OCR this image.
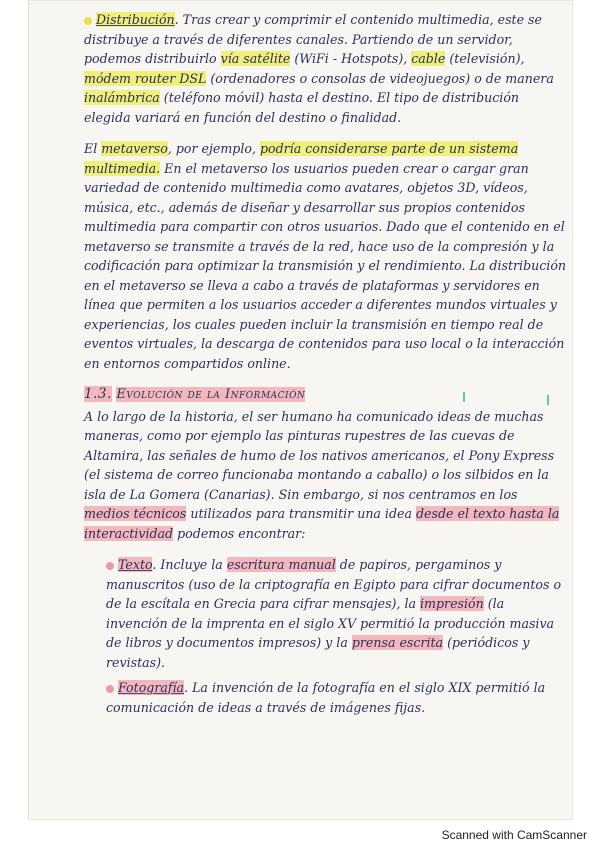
Distribución. Tras crear y comprimir el contenido multimedia, este se distribuye a través de diferentes canales. Partiendo de un servidor, podemos distribuirlo vía satélite (WiFi - Hotspots), cable (televisión), módem router DSL (ordenadores o consolas de videojuegos) o de manera inalámbrica (teléfono móvil) hasta el destino. El tipo de distribución elegida variará en función del destino o finalidad.

El metaverso, por ejemplo, podría considerarse parte de un sistema multimedia. En el metaverso los usuarios pueden crear o cargar gran variedad de contenido multimedia como avatares, objetos 3D, vídeos, música, etc., además de diseñar y desarrollar sus propios contenidos multimedia para compartir con otros usuarios. Dado que el contenido en el metaverso se transmite a través de la red, hace uso de la compresión y la codificación para optimizar la transmisión y el rendimiento. La distribución en el metaverso se lleva a cabo a través de plataformas y servidores en línea que permiten a los usuarios acceder a diferentes mundos virtuales y experiencias, los cuales pueden incluir la transmisión en tiempo real de eventos virtuales, la descarga de contenidos para uso local o la interacción en entornos compartidos online.

1.3. Evolución de la Información

A lo largo de la historia, el ser humano ha comunicado ideas de muchas maneras, como por ejemplo las pinturas rupestres de las cuevas de Altamira, las señales de humo de los nativos americanos, el Pony Express (el sistema de correo funcionaba montando a caballo) o los silbidos en la isla de La Gomera (Canarias). Sin embargo, si nos centramos en los medios técnicos utilizados para transmitir una idea desde el texto hasta la interactividad podemos encontrar:

Texto. Incluye la escritura manual de papiros, pergaminos y manuscritos (uso de la criptografía en Egipto para cifrar documentos o de la escítala en Grecia para cifrar mensajes), la impresión (la invención de la imprenta en el siglo XV permitió la producción masiva de libros y documentos impresos) y la prensa escrita (periódicos y revistas).

Fotografía. La invención de la fotografía en el siglo XIX permitió la comunicación de ideas a través de imágenes fijas.

Scanned with CamScanner
